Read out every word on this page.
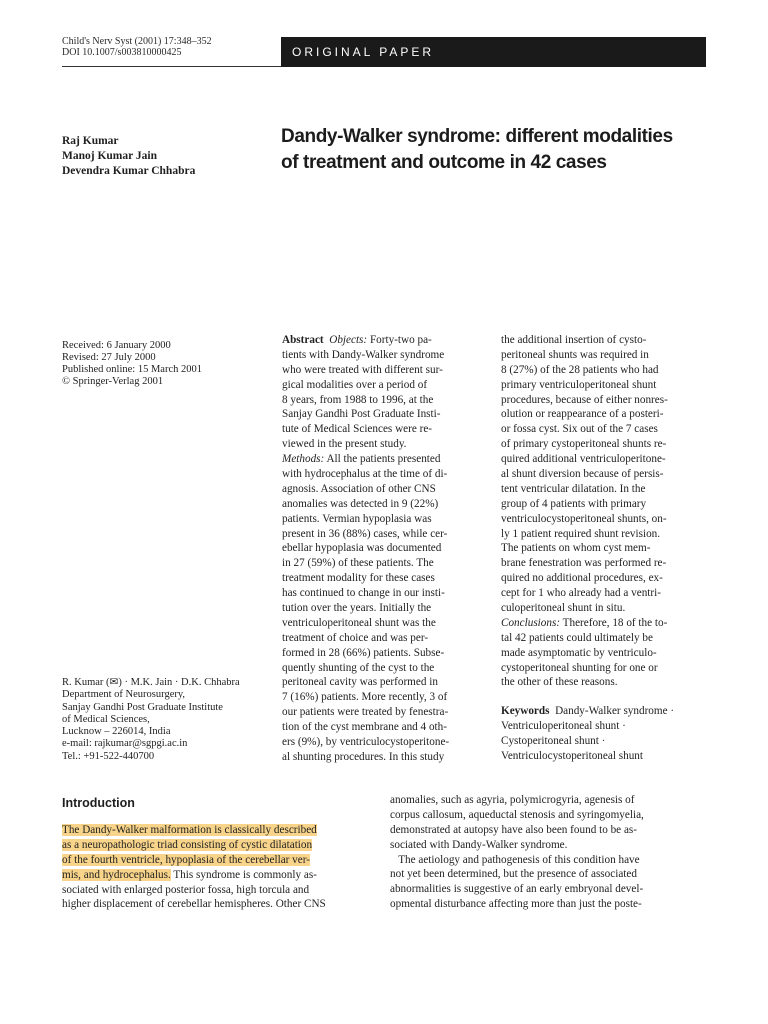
Child's Nerv Syst (2001) 17:348–352
DOI 10.1007/s003810000425	ORIGINAL PAPER
Raj Kumar
Manoj Kumar Jain
Devendra Kumar Chhabra
Dandy-Walker syndrome: different modalities
of treatment and outcome in 42 cases
Received: 6 January 2000
Revised: 27 July 2000
Published online: 15 March 2001
© Springer-Verlag 2001
R. Kumar (✉) · M.K. Jain · D.K. Chhabra
Department of Neurosurgery,
Sanjay Gandhi Post Graduate Institute
of Medical Sciences,
Lucknow – 226014, India
e-mail: rajkumar@sgpgi.ac.in
Tel.: +91-522-440700
Abstract Objects: Forty-two pa-
tients with Dandy-Walker syndrome
who were treated with different sur-
gical modalities over a period of
8 years, from 1988 to 1996, at the
Sanjay Gandhi Post Graduate Insti-
tute of Medical Sciences were re-
viewed in the present study.
Methods: All the patients presented
with hydrocephalus at the time of di-
agnosis. Association of other CNS
anomalies was detected in 9 (22%)
patients. Vermian hypoplasia was
present in 36 (88%) cases, while cer-
ebellar hypoplasia was documented
in 27 (59%) of these patients. The
treatment modality for these cases
has continued to change in our insti-
tution over the years. Initially the
ventriculoperitoneal shunt was the
treatment of choice and was per-
formed in 28 (66%) patients. Subse-
quently shunting of the cyst to the
peritoneal cavity was performed in
7 (16%) patients. More recently, 3 of
our patients were treated by fenestra-
tion of the cyst membrane and 4 oth-
ers (9%), by ventriculocystoperitone-
al shunting procedures. In this study
the additional insertion of cysto-
peritoneal shunts was required in
8 (27%) of the 28 patients who had
primary ventriculoperitoneal shunt
procedures, because of either nonres-
olution or reappearance of a posteri-
or fossa cyst. Six out of the 7 cases
of primary cystoperitoneal shunts re-
quired additional ventriculoperitone-
al shunt diversion because of persis-
tent ventricular dilatation. In the
group of 4 patients with primary
ventriculocystoperitoneal shunts, on-
ly 1 patient required shunt revision.
The patients on whom cyst mem-
brane fenestration was performed re-
quired no additional procedures, ex-
cept for 1 who already had a ventri-
culoperitoneal shunt in situ.
Conclusions: Therefore, 18 of the to-
tal 42 patients could ultimately be
made asymptomatic by ventriculo-
cystoperitoneal shunting for one or
the other of these reasons.
Keywords Dandy-Walker syndrome ·
Ventriculoperitoneal shunt ·
Cystoperitoneal shunt ·
Ventriculocystoperitoneal shunt
Introduction
The Dandy-Walker malformation is classically described
as a neuropathologic triad consisting of cystic dilatation
of the fourth ventricle, hypoplasia of the cerebellar ver-
mis, and hydrocephalus. This syndrome is commonly as-
sociated with enlarged posterior fossa, high torcula and
higher displacement of cerebellar hemispheres. Other CNS
anomalies, such as agyria, polymicrogyria, agenesis of
corpus callosum, aqueductal stenosis and syringomyelia,
demonstrated at autopsy have also been found to be as-
sociated with Dandy-Walker syndrome.
The aetiology and pathogenesis of this condition have
not yet been determined, but the presence of associated
abnormalities is suggestive of an early embryonal devel-
opmental disturbance affecting more than just the poste-
